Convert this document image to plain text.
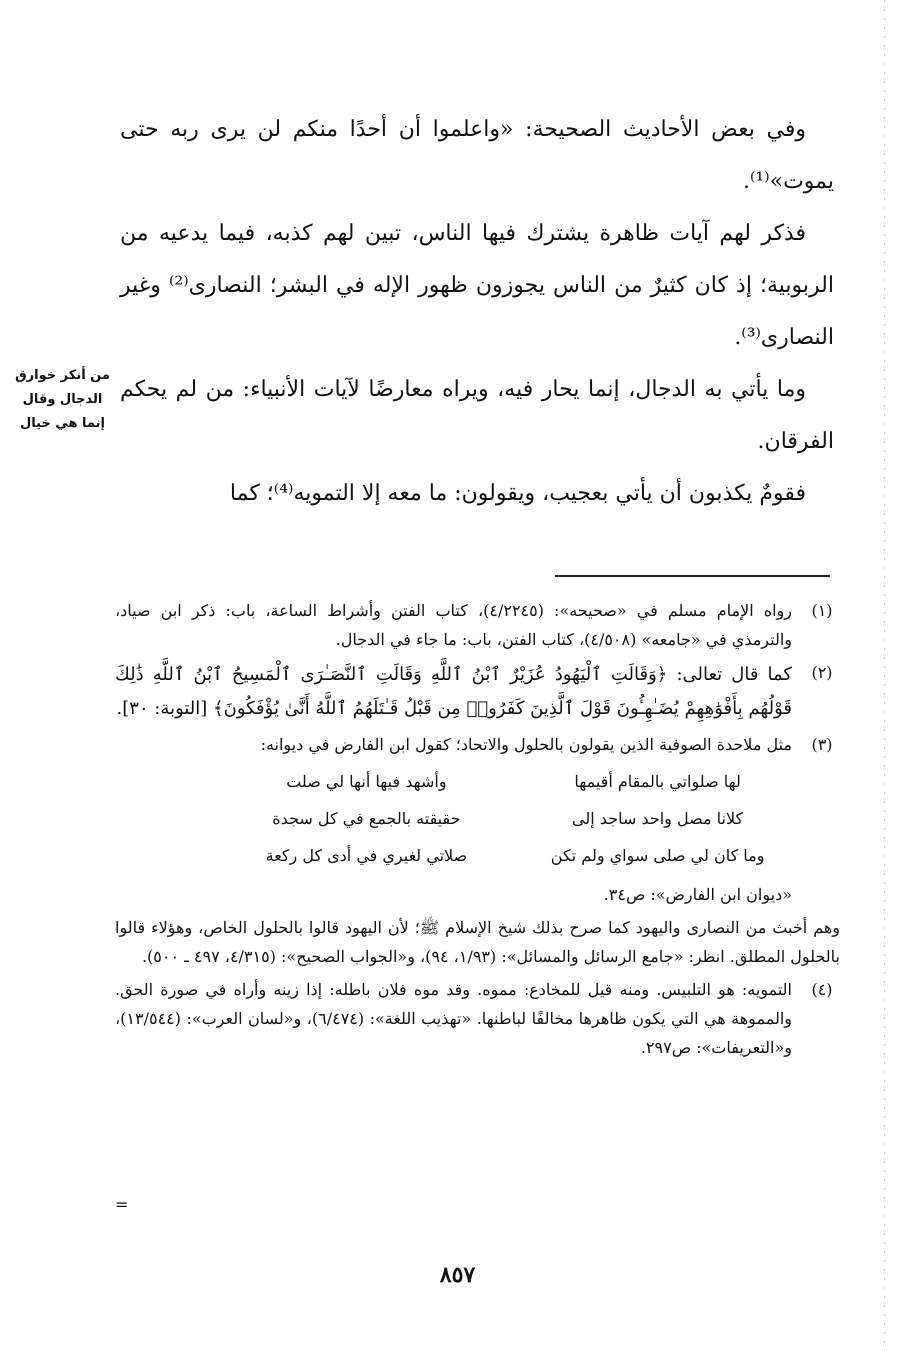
وفي بعض الأحاديث الصحيحة: «واعلموا أن أحدًا منكم لن يرى ربه حتى يموت»⁽¹⁾.

فذكر لهم آيات ظاهرة يشترك فيها الناس، تبين لهم كذبه، فيما يدعيه من الربوبية؛ إذ كان كثيرٌ من الناس يجوزون ظهور الإله في البشر؛ النصارى⁽²⁾ وغير النصارى⁽³⁾.

وما يأتي به الدجال، إنما يحار فيه، ويراه معارضًا لآيات الأنبياء: من لم يحكم الفرقان.

فقومٌ يكذبون أن يأتي بعجيب، ويقولون: ما معه إلا التمويه⁽⁴⁾؛ كما

من أنكر خوارق الدجال وقال إنما هي خيال
(١)

رواه الإمام مسلم في «صحيحه»: (٤/٢٢٤٥)، كتاب الفتن وأشراط الساعة، باب: ذكر ابن صياد، والترمذي في «جامعه» (٤/٥٠٨)، كتاب الفتن، باب: ما جاء في الدجال.

(٢)

كما قال تعالى: ﴿وَقَالَتِ ٱلْيَهُودُ عُزَيْرٌ ٱبْنُ ٱللَّهِ وَقَالَتِ ٱلنَّصَـٰرَى ٱلْمَسِيحُ ٱبْنُ ٱللَّهِ ذَٰلِكَ قَوْلُهُم بِأَفْوَٰهِهِمْ يُضَـٰهِـُٔونَ قَوْلَ ٱلَّذِينَ كَفَرُوا۟ مِن قَبْلُ قَـٰتَلَهُمُ ٱللَّهُ أَنَّىٰ يُؤْفَكُونَ﴾ [التوبة: ٣٠].

(٣)

مثل ملاحدة الصوفية الذين يقولون بالحلول والاتحاد؛ كقول ابن الفارض في ديوانه:

لها صلواتي بالمقام أقيمها
وأشهد فيها أنها لي صلت
كلانا مصل واحد ساجد إلى
حقيقته بالجمع في كل سجدة
وما كان لي صلى سواي ولم تكن
صلاتي لغيري في أدى كل ركعة

«ديوان ابن الفارض»: ص٣٤.

وهم أخبث من النصارى واليهود كما صرح بذلك شيخ الإسلام ﷺ؛ لأن اليهود قالوا بالحلول الخاص، وهؤلاء قالوا بالحلول المطلق. انظر: «جامع الرسائل والمسائل»: (١/٩٣، ٩٤)، و«الجواب الصحيح»: (٤/٣١٥، ٤٩٧ ـ ٥٠٠).

(٤)

التمويه: هو التلبيس. ومنه قيل للمخادع: مموه. وقد موه فلان باطله: إذا زينه وأراه في صورة الحق. والمموهة هي التي يكون ظاهرها مخالفًا لباطنها. «تهذيب اللغة»: (٦/٤٧٤)، و«لسان العرب»: (١٣/٥٤٤)، و«التعريفات»: ص٢٩٧.

=
٨٥٧
